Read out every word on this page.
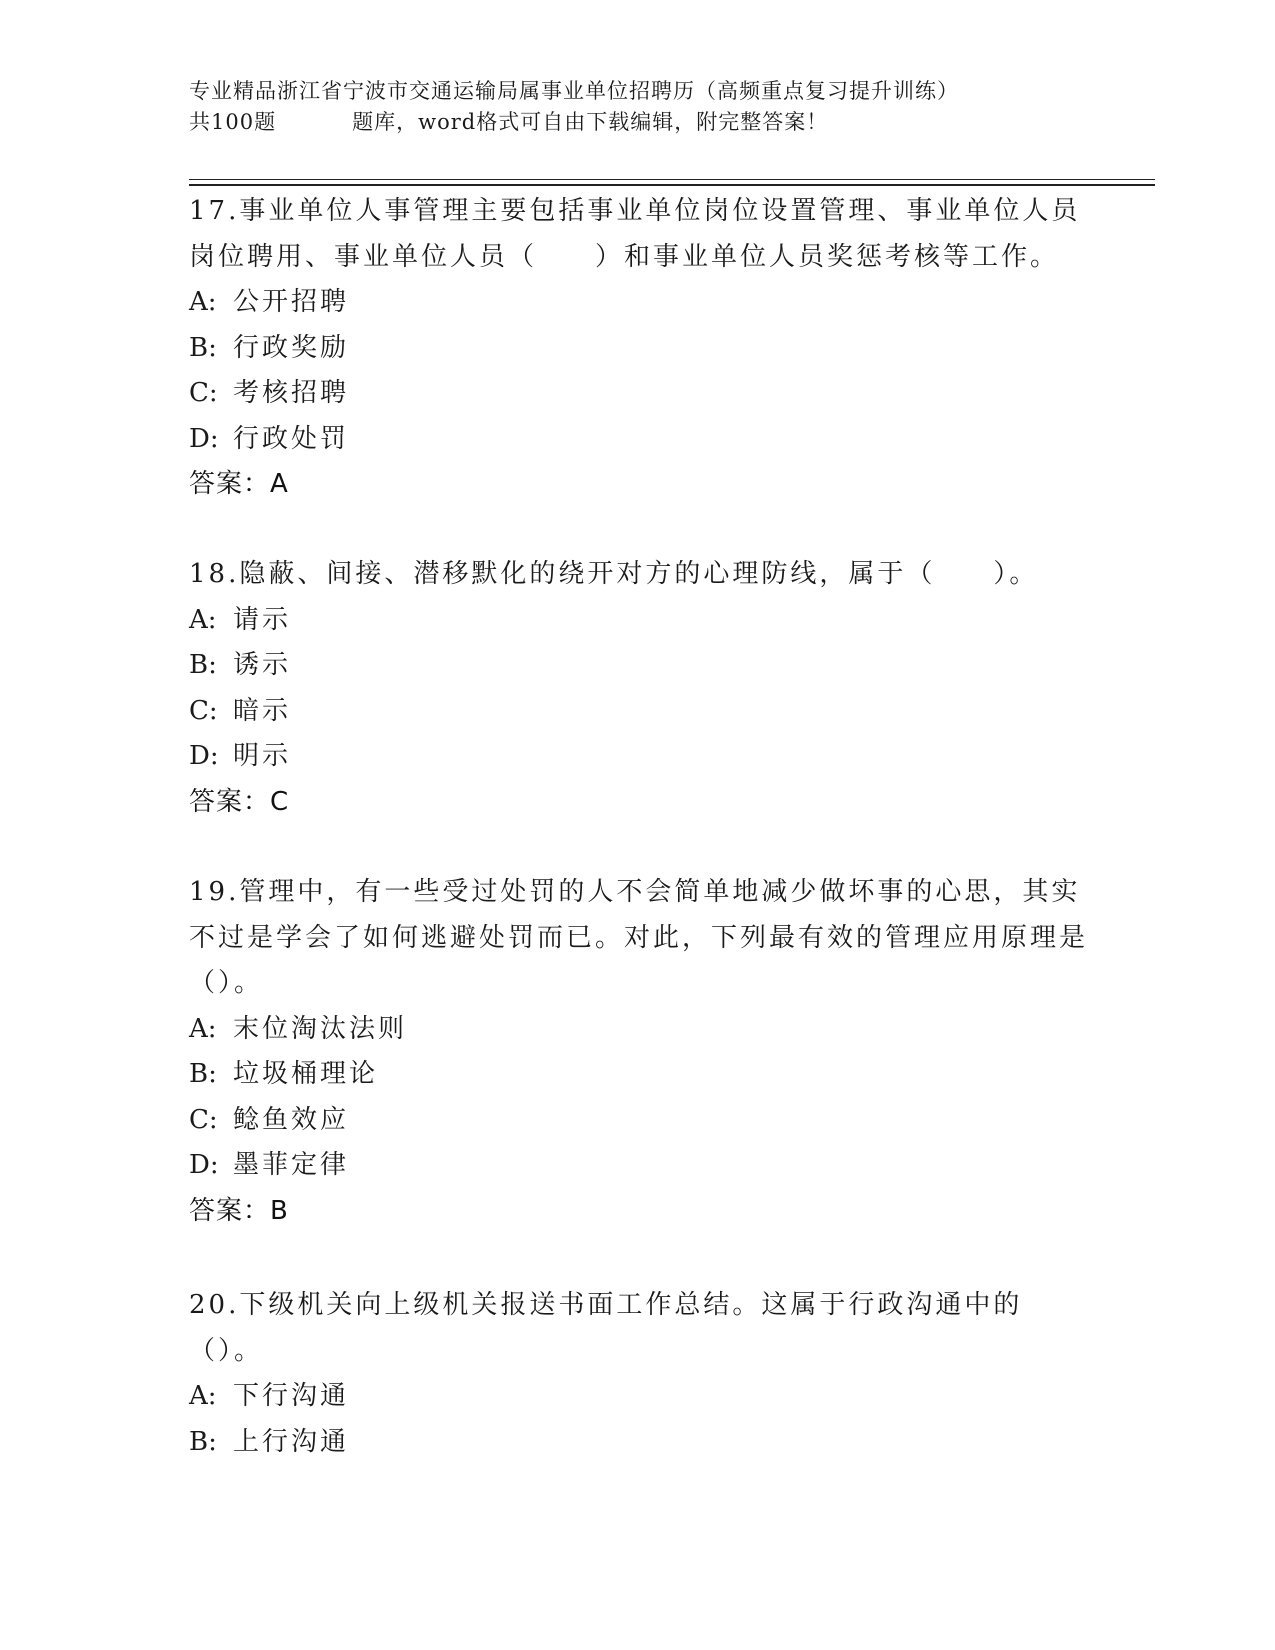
专业精品浙江省宁波市交通运输局属事业单位招聘历（高频重点复习提升训练）
共100题	题库，word格式可自由下载编辑，附完整答案！

17.事业单位人事管理主要包括事业单位岗位设置管理、事业单位人员岗位聘用、事业单位人员（　　）和事业单位人员奖惩考核等工作。

A: 公开招聘

B: 行政奖励

C: 考核招聘

D: 行政处罚

答案：A

18.隐蔽、间接、潜移默化的绕开对方的心理防线，属于（　　）。

A: 请示

B: 诱示

C: 暗示

D: 明示

答案：C

19.管理中，有一些受过处罚的人不会简单地减少做坏事的心思，其实不过是学会了如何逃避处罚而已。对此，下列最有效的管理应用原理是（）。

A: 末位淘汰法则

B: 垃圾桶理论

C: 鲶鱼效应

D: 墨菲定律

答案：B

20.下级机关向上级机关报送书面工作总结。这属于行政沟通中的（）。

A: 下行沟通

B: 上行沟通
